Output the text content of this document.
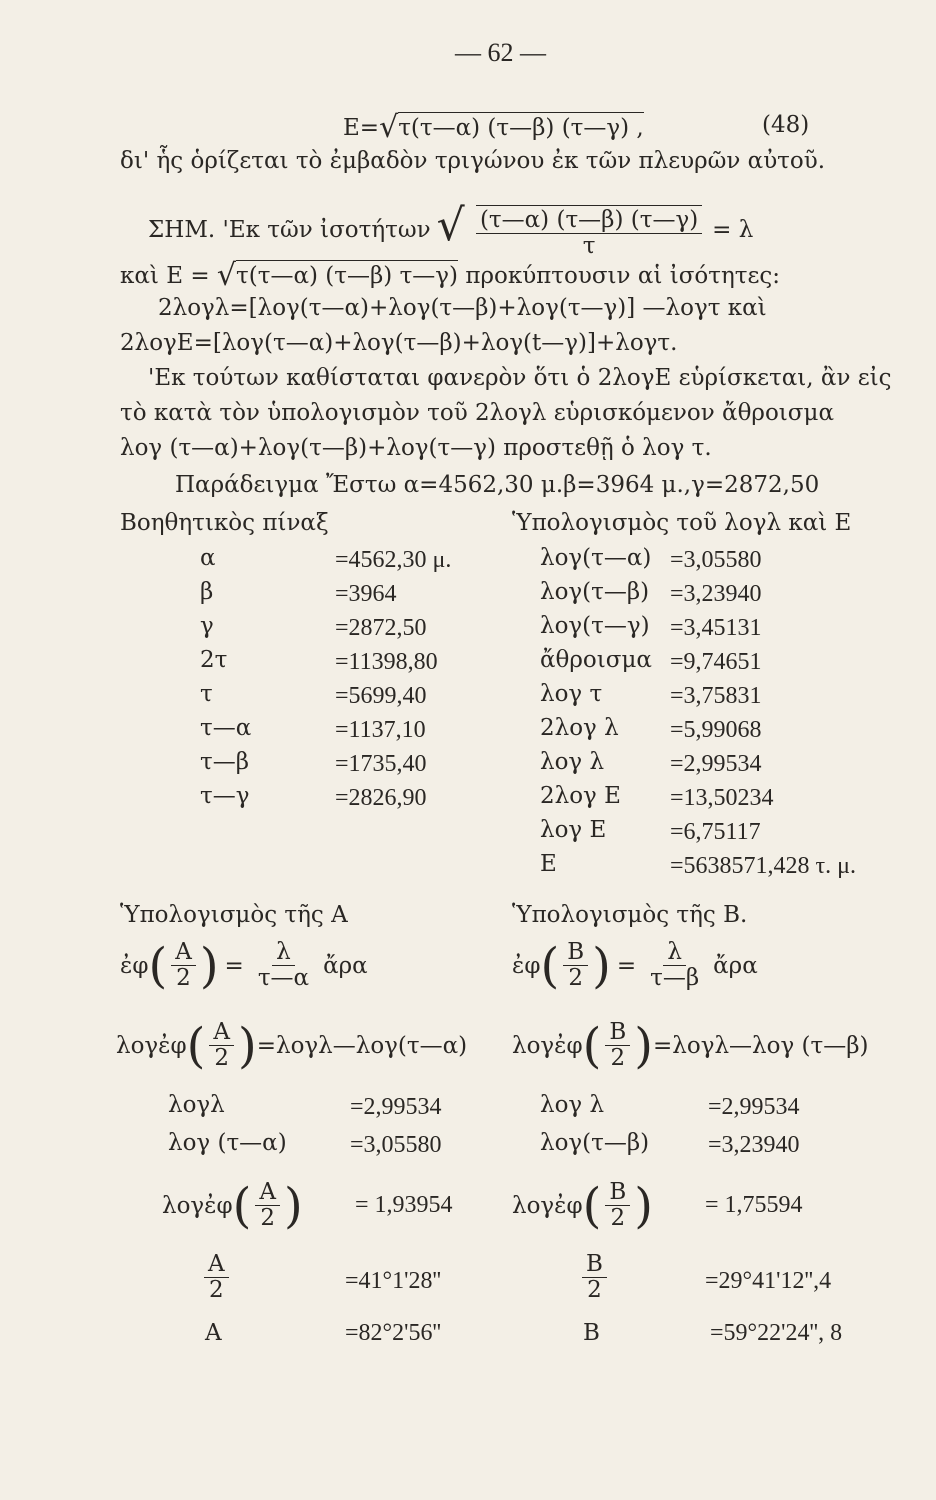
— 62 —
E=√τ(τ—α) (τ—β) (τ—γ) ,	(48)
δι' ἧς ὁρίζεται τὸ ἐμβαδὸν τριγώνου ἐκ τῶν πλευρῶν αὐτοῦ.
ΣΗΜ. 'Εκ τῶν ἰσοτήτων √ $\frac{(\tau—\alpha) (\tau—\beta) (\tau—\gamma)}{\tau} = \lambda$
καὶ E = √τ(τ—α) (τ—β) τ—γ) προκύπτουσιν αἱ ἰσότητες:
2λογλ=[λογ(τ—α)+λογ(τ—β)+λογ(τ—γ)] —λογτ καὶ
2λογE=[λογ(τ—α)+λογ(τ—β)+λογ(t—γ)]+λογτ.
'Εκ τούτων καθίσταται φανερὸν ὅτι ὁ 2λογE εὑρίσκεται, ἂν εἰς
τὸ κατὰ τὸν ὑπολογισμὸν τοῦ 2λογλ εὑρισκόμενον ἄθροισμα
λογ (τ—α)+λογ(τ—β)+λογ(τ—γ) προστεθῇ ὁ λογ τ.
Παράδειγμα Ἔστω α=4562,30 μ.β=3964 μ.,γ=2872,50
Βοηθητικὸς πίναξ
α	=4562,30 μ.
β	=3964
γ	=2872,50
2τ	=11398,80
τ	=5699,40
τ—α	=1137,10
τ—β	=1735,40
τ—γ	=2826,90
Ὑπολογισμὸς τοῦ λογλ καὶ E
λογ(τ—α) =3,05580
λογ(τ—β) =3,23940
λογ(τ—γ) =3,45131
ἄθροισμα =9,74651
λογ τ	=3,75831
2λογ λ =5,99068
λογ λ	=2,99534
2λογ E =13,50234
λογ E	=6,75117
E	=5638571,428 τ. μ.
Ὑπολογισμὸς τῆς A
ἐφ ( $\frac{A}{2}$ ) = $\frac{\lambda}{\tau—\alpha}$ ἄρα
λογἐφ ( $\frac{A}{2}$ ) =λογλ—λογ(τ—α)
λογλ	=2,99534
λογ (τ—α)	=3,05580
λογἐφ ( $\frac{A}{2}$ ) = 1,93954
$\frac{A}{2}$	=41°1'28''
A	=82°2'56''
Ὑπολογισμὸς τῆς B.
ἐφ ( $\frac{B}{2}$ ) = $\frac{\lambda}{\tau—\beta}$ ἄρα
λογἐφ ( $\frac{B}{2}$ ) =λογλ—λογ (τ—β)
λογ λ	=2,99534
λογ(τ—β) =3,23940
λογἐφ ( $\frac{B}{2}$ ) = 1,75594
$\frac{B}{2}$	=29°41'12'',4
B	=59°22'24'', 8
